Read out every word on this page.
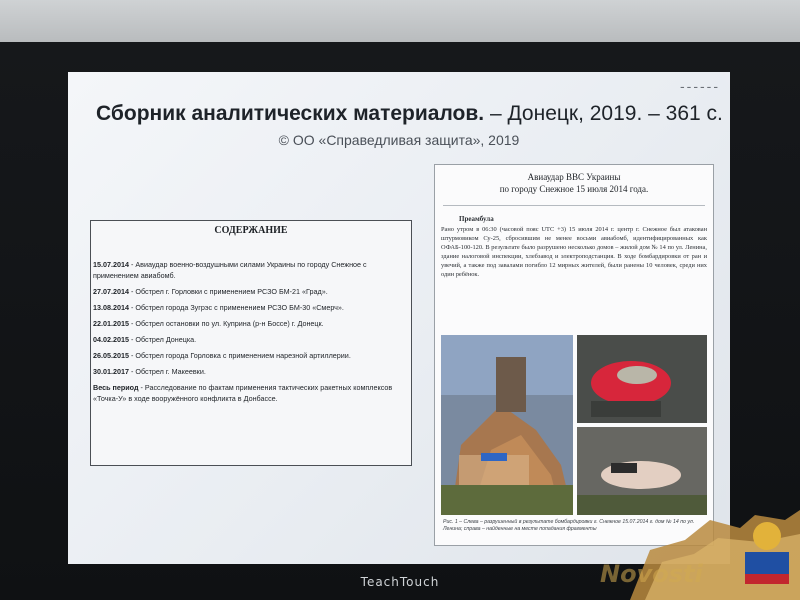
TeachTouch
------
Сборник аналитических материалов. – Донецк, 2019. – 361 с.
© ОО «Справедливая защита», 2019
СОДЕРЖАНИЕ
15.07.2014 - Авиаудар военно-воздушными силами Украины по городу Снежное с применением авиабомб.
27.07.2014 - Обстрел г. Горловки с применением РСЗО БМ-21 «Град».
13.08.2014 - Обстрел города Зугрэс с применением РСЗО БМ-30 «Смерч».
22.01.2015 - Обстрел остановки по ул. Куприна (р-н Боссе) г. Донецк.
04.02.2015 - Обстрел Донецка.
26.05.2015 - Обстрел города Горловка с применением нарезной артиллерии.
30.01.2017 - Обстрел г. Макеевки.
Весь период - Расследование по фактам применения тактических ракетных комплексов «Точка-У» в ходе вооружённого конфликта в Донбассе.
Авиаудар ВВС Украины
по городу Снежное 15 июля 2014 года.
Преамбула
Рано утром в 06:30 (часовой пояс UTC +3) 15 июля 2014 г. центр г. Снежное был атакован штурмовиком Су-25, сбросившим не менее восьми авиабомб, идентифицированных как ОФАБ-100-120. В результате было разрушено несколько домов – жилой дом № 14 по ул. Ленина, здание налоговой инспекции, хлебзавод и электроподстанция. В ходе бомбардировки от ран и увечий, а также под завалами погибло 12 мирных жителей, были ранены 10 человек, среди них один ребёнок.
Рис. 1 – Слева – разрушенный в результате бомбардировки г. Снежное 15.07.2014 г. дом № 14 по ул. Ленина; справа – найденные на месте попадания фрагменты
Novosti
